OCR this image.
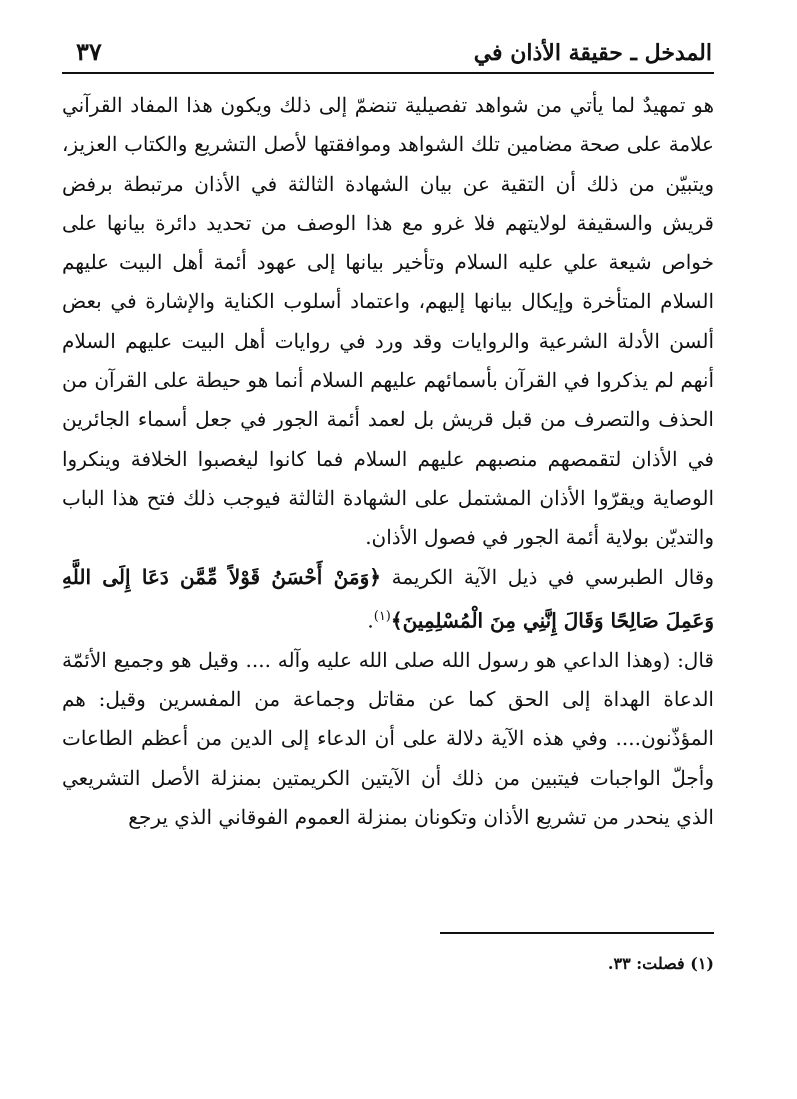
المدخل ـ حقيقة الأذان في
٣٧

هو تمهيدٌ لما يأتي من شواهد تفصيلية تنضمّ إلى ذلك ويكون هذا المفاد القرآني علامة على صحة مضامين تلك الشواهد وموافقتها لأصل التشريع والكتاب العزيز، ويتبيّن من ذلك أن التقية عن بيان الشهادة الثالثة في الأذان مرتبطة برفض قريش والسقيفة لولايتهم فلا غرو مع هذا الوصف من تحديد دائرة بيانها على خواص شيعة علي عليه السلام وتأخير بيانها إلى عهود أئمة أهل البيت عليهم السلام المتأخرة وإيكال بيانها إليهم، واعتماد أسلوب الكناية والإشارة في بعض ألسن الأدلة الشرعية والروايات وقد ورد في روايات أهل البيت عليهم السلام أنهم لم يذكروا في القرآن بأسمائهم عليهم السلام أنما هو حيطة على القرآن من الحذف والتصرف من قبل قريش بل لعمد أئمة الجور في جعل أسماء الجائرين في الأذان لتقمصهم منصبهم عليهم السلام فما كانوا ليغصبوا الخلافة وينكروا الوصاية ويقرّوا الأذان المشتمل على الشهادة الثالثة فيوجب ذلك فتح هذا الباب والتديّن بولاية أئمة الجور في فصول الأذان.

وقال الطبرسي في ذيل الآية الكريمة ﴿وَمَنْ أَحْسَنُ قَوْلاً مِّمَّن دَعَا إِلَى اللَّهِ وَعَمِلَ صَالِحًا وَقَالَ إِنَّنِي مِنَ الْمُسْلِمِينَ﴾$^{(١)}$.

قال: (وهذا الداعي هو رسول الله صلى الله عليه وآله .... وقيل هو وجميع الأئمّة الدعاة الهداة إلى الحق كما عن مقاتل وجماعة من المفسرين وقيل: هم المؤذّنون.... وفي هذه الآية دلالة على أن الدعاء إلى الدين من أعظم الطاعات وأجلّ الواجبات فيتبين من ذلك أن الآيتين الكريمتين بمنزلة الأصل التشريعي الذي ينحدر من تشريع الأذان وتكونان بمنزلة العموم الفوقاني الذي يرجع

(١) فصلت: ٣٣.
